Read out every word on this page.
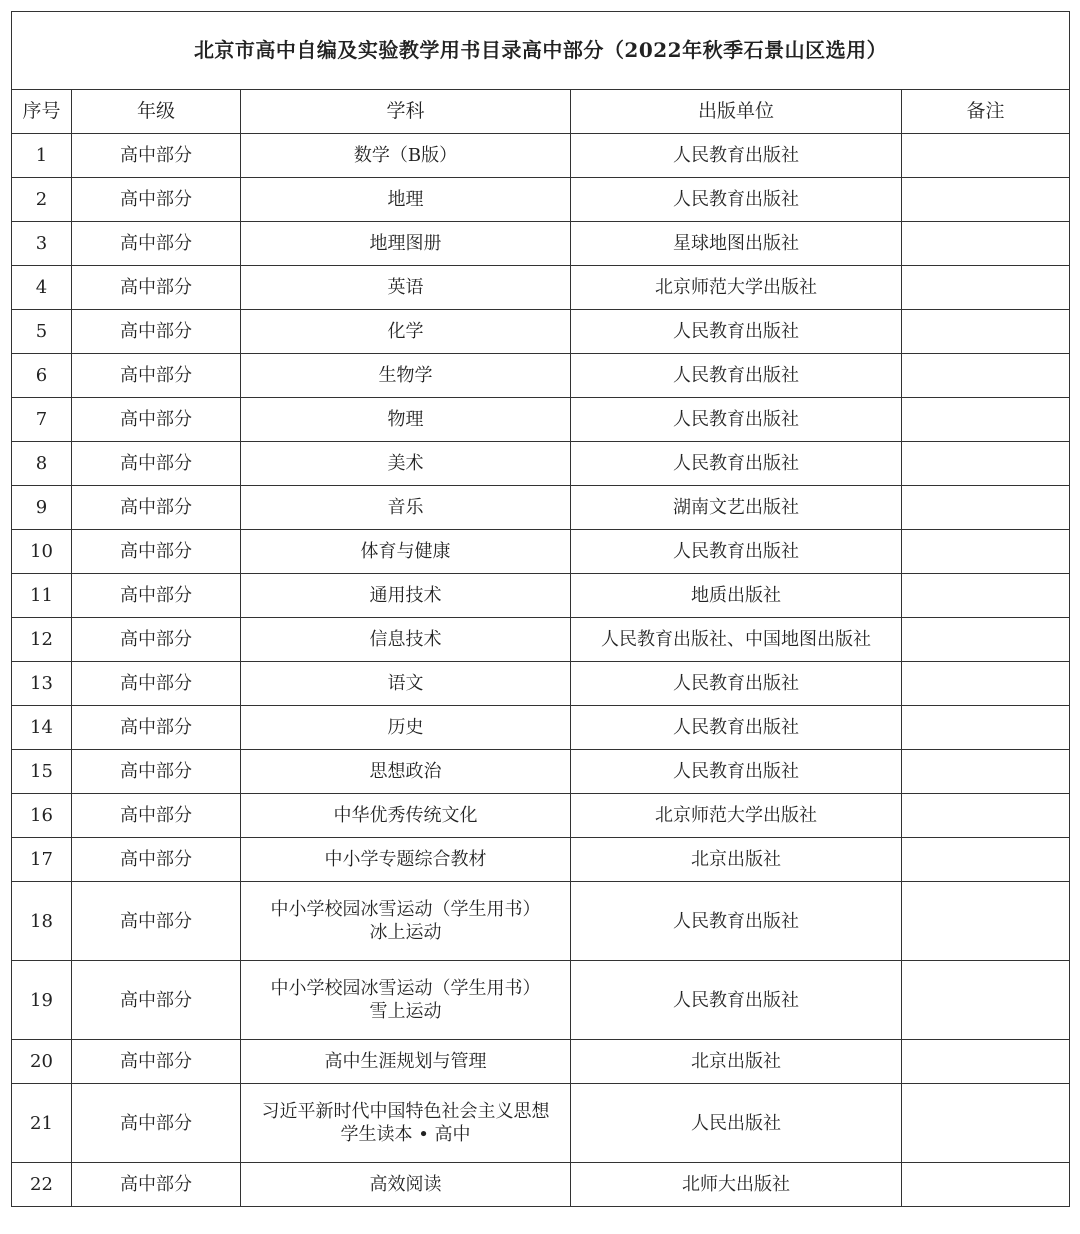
北京市高中自编及实验教学用书目录高中部分（2022年秋季石景山区选用）				
序号	年级	学科	出版单位	备注
1	高中部分	数学（B版）	人民教育出版社	
2	高中部分	地理	人民教育出版社	
3	高中部分	地理图册	星球地图出版社	
4	高中部分	英语	北京师范大学出版社	
5	高中部分	化学	人民教育出版社	
6	高中部分	生物学	人民教育出版社	
7	高中部分	物理	人民教育出版社	
8	高中部分	美术	人民教育出版社	
9	高中部分	音乐	湖南文艺出版社	
10	高中部分	体育与健康	人民教育出版社	
11	高中部分	通用技术	地质出版社	
12	高中部分	信息技术	人民教育出版社、中国地图出版社	
13	高中部分	语文	人民教育出版社	
14	高中部分	历史	人民教育出版社	
15	高中部分	思想政治	人民教育出版社	
16	高中部分	中华优秀传统文化	北京师范大学出版社	
17	高中部分	中小学专题综合教材	北京出版社	
18	高中部分	中小学校园冰雪运动（学生用书）
冰上运动	人民教育出版社	
19	高中部分	中小学校园冰雪运动（学生用书）
雪上运动	人民教育出版社	
20	高中部分	高中生涯规划与管理	北京出版社	
21	高中部分	习近平新时代中国特色社会主义思想
学生读本 • 高中	人民出版社	
22	高中部分	高效阅读	北师大出版社	
